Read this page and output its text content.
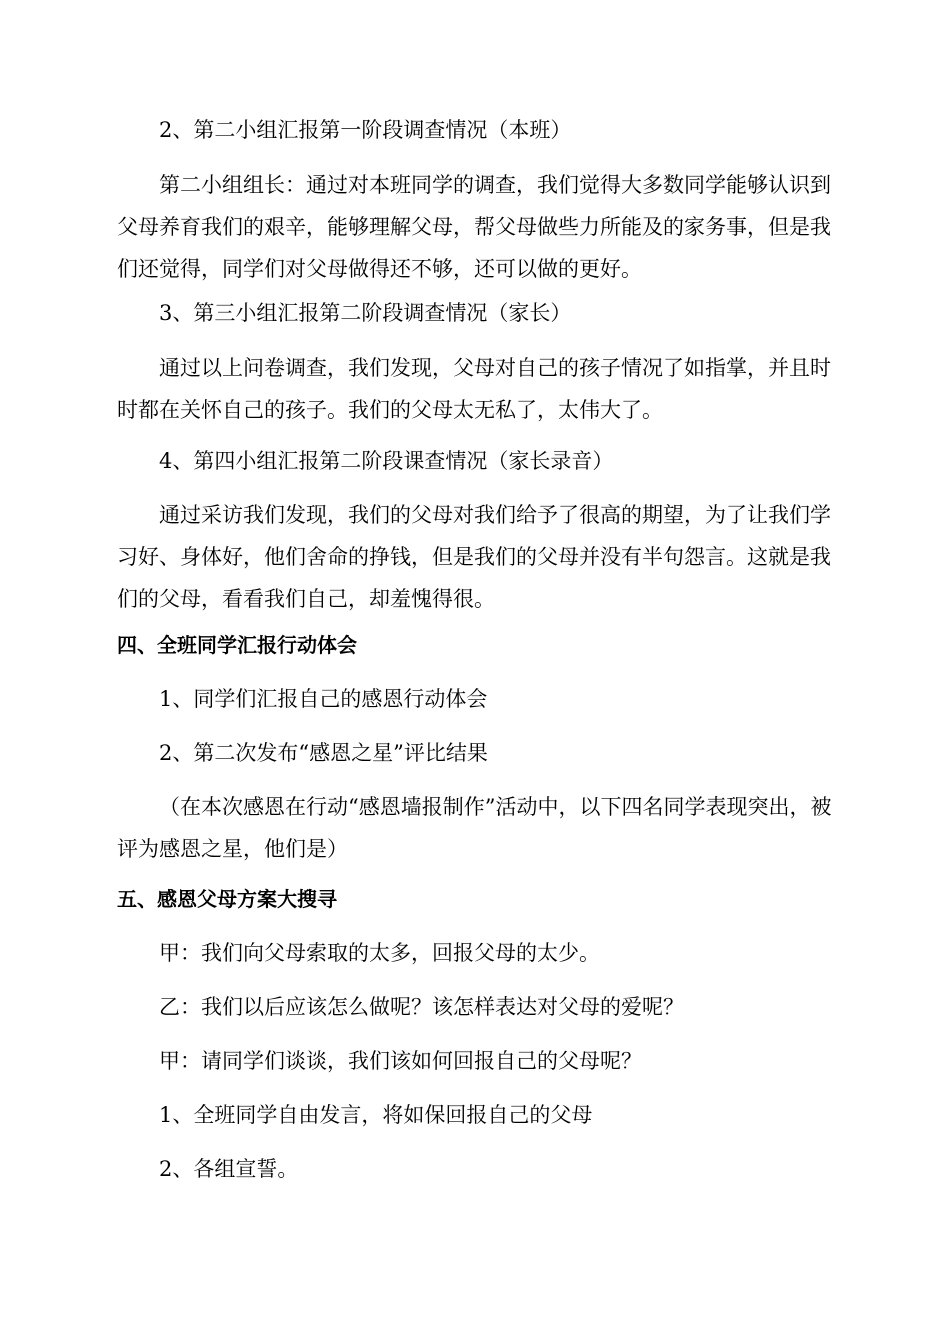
2、第二小组汇报第一阶段调查情况（本班）

第二小组组长：通过对本班同学的调查，我们觉得大多数同学能够认识到父母养育我们的艰辛，能够理解父母，帮父母做些力所能及的家务事，但是我们还觉得，同学们对父母做得还不够，还可以做的更好。

3、第三小组汇报第二阶段调查情况（家长）

通过以上问卷调查，我们发现，父母对自己的孩子情况了如指掌，并且时时都在关怀自己的孩子。我们的父母太无私了，太伟大了。

4、第四小组汇报第二阶段课查情况（家长录音）

通过采访我们发现，我们的父母对我们给予了很高的期望，为了让我们学习好、身体好，他们舍命的挣钱，但是我们的父母并没有半句怨言。这就是我们的父母，看看我们自己，却羞愧得很。

四、全班同学汇报行动体会

1、同学们汇报自己的感恩行动体会

2、第二次发布“感恩之星”评比结果

（在本次感恩在行动“感恩墙报制作”活动中，以下四名同学表现突出，被评为感恩之星，他们是）

五、感恩父母方案大搜寻

甲：我们向父母索取的太多，回报父母的太少。

乙：我们以后应该怎么做呢？该怎样表达对父母的爱呢？

甲：请同学们谈谈，我们该如何回报自己的父母呢？

1、全班同学自由发言，将如保回报自己的父母

2、各组宣誓。
